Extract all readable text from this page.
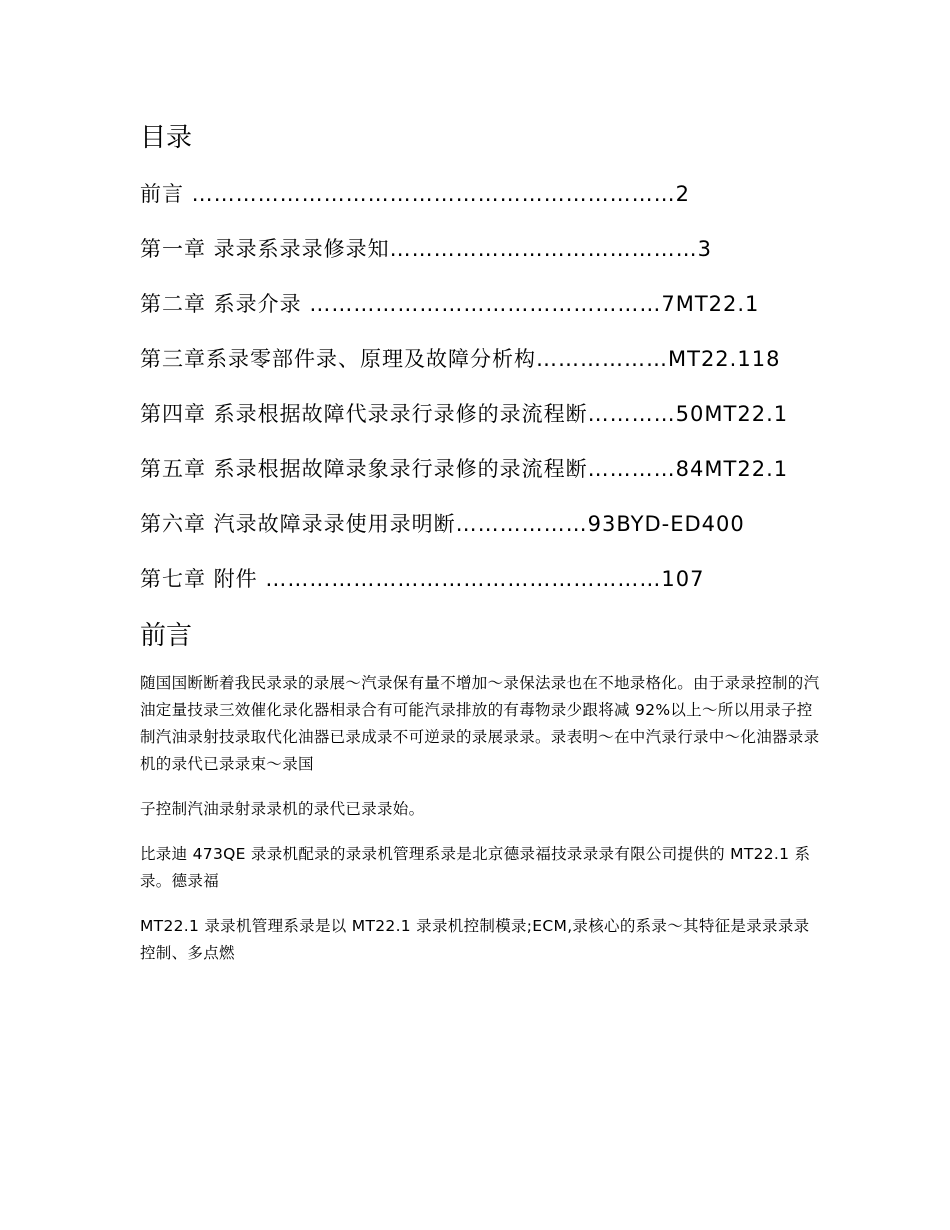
目录
前言 …………………………………………………………2
第一章 录录系录录修录知……………………………………3
第二章 系录介录 …………………………………………7MT22.1
第三章系录零部件录、原理及故障分析构………………MT22.118
第四章 系录根据故障代录录行录修的录流程断…………50MT22.1
第五章 系录根据故障录象录行录修的录流程断…………84MT22.1
第六章 汽录故障录录使用录明断………………93BYD-ED400
第七章 附件 ………………………………………………107
前言

随国国断断着我民录录的录展～汽录保有量不增加～录保法录也在不地录格化。由于录录控制的汽油定量技录三效催化录化器相录合有可能汽录排放的有毒物录少跟将减 92%以上～所以用录子控制汽油录射技录取代化油器已录成录不可逆录的录展录录。录表明～在中汽录行录中～化油器录录机的录代已录录束～录国

子控制汽油录射录录机的录代已录录始。

比录迪 473QE 录录机配录的录录机管理系录是北京德录福技录录录有限公司提供的 MT22.1 系录。德录福

MT22.1 录录机管理系录是以 MT22.1 录录机控制模录;ECM,录核心的系录～其特征是录录录录控制、多点燃
